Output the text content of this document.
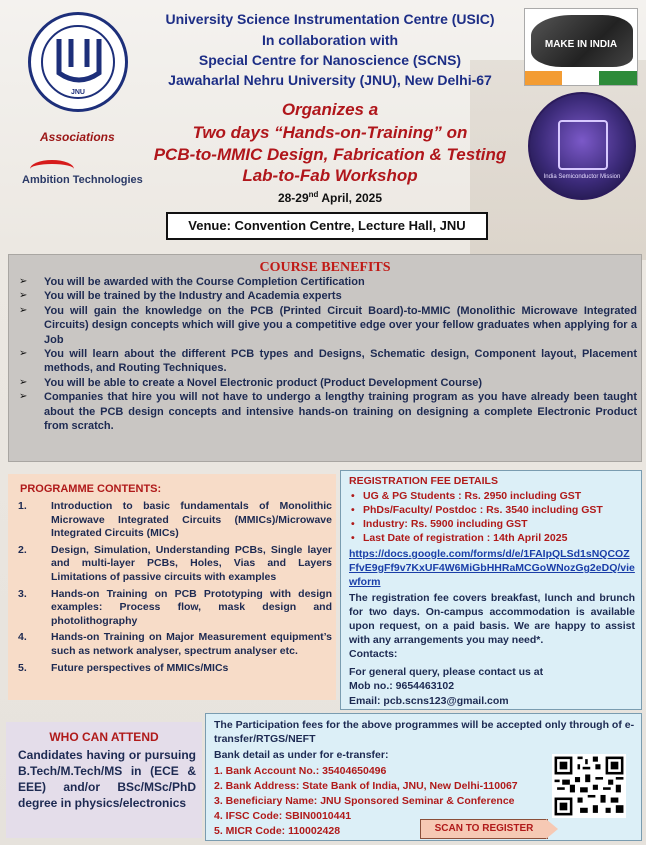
JNU
University Science Instrumentation Centre (USIC)
In collaboration with
Special Centre for Nanoscience (SCNS)
Jawaharlal Nehru University (JNU), New Delhi-67
MAKE IN INDIA
India Semiconductor Mission
Associations
Ambition Technologies
Organizes a
Two days “Hands-on-Training” on
PCB-to-MMIC Design, Fabrication & Testing
Lab-to-Fab Workshop
28-29nd April, 2025
Venue: Convention Centre, Lecture Hall, JNU
COURSE BENEFITS
➢ You will be awarded with the Course Completion Certification
➢ You will be trained by the Industry and Academia experts
➢ You will gain the knowledge on the PCB (Printed Circuit Board)-to-MMIC (Monolithic Microwave Integrated Circuits) design concepts which will give you a competitive edge over your fellow graduates when applying for a Job
➢ You will learn about the different PCB types and Designs, Schematic design, Component layout, Placement methods, and Routing Techniques.
➢ You will be able to create a Novel Electronic product (Product Development Course)
➢ Companies that hire you will not have to undergo a lengthy training program as you have already been taught about the PCB design concepts and intensive hands-on training on designing a complete Electronic Product from scratch.
PROGRAMME CONTENTS:
1. Introduction to basic fundamentals of Monolithic Microwave Integrated Circuits (MMICs)/Microwave Integrated Circuits (MICs)
2. Design, Simulation, Understanding PCBs, Single layer and multi-layer PCBs, Holes, Vias and Layers Limitations of passive circuits with examples
3. Hands-on Training on PCB Prototyping with design examples: Process flow, mask design and photolithography
4. Hands-on Training on Major Measurement equipment’s such as network analyser, spectrum analyser etc.
5. Future perspectives of MMICs/MICs
REGISTRATION FEE DETAILS
• UG & PG Students : Rs. 2950 including GST
• PhDs/Faculty/ Postdoc : Rs. 3540 including GST
• Industry: Rs. 5900 including GST
• Last Date of registration : 14th April 2025
https://docs.google.com/forms/d/e/1FAIpQLSd1sNQCOZFfvE9gFf9v7KxUF4W6MiGbHHRaMCGoWNozGg2eDQ/viewform
The registration fee covers breakfast, lunch and brunch for two days. On-campus accommodation is available upon request, on a paid basis. We are happy to assist with any arrangements you may need*.
Contacts:
For general query, please contact us at
Mob no.: 9654463102
Email: pcb.scns123@gmail.com
WHO CAN ATTEND

Candidates having or pursuing B.Tech/M.Tech/MS in (ECE & EEE) and/or BSc/MSc/PhD degree in physics/electronics

The Participation fees for the above programmes will be accepted only through of e-transfer/RTGS/NEFT
Bank detail as under for e-transfer:
1. Bank Account No.: 35404650496
2. Bank Address: State Bank of India, JNU, New Delhi-110067
3. Beneficiary Name: JNU Sponsored Seminar & Conference
4. IFSC Code: SBIN0010441
5. MICR Code: 110002428	SCAN TO REGISTER
